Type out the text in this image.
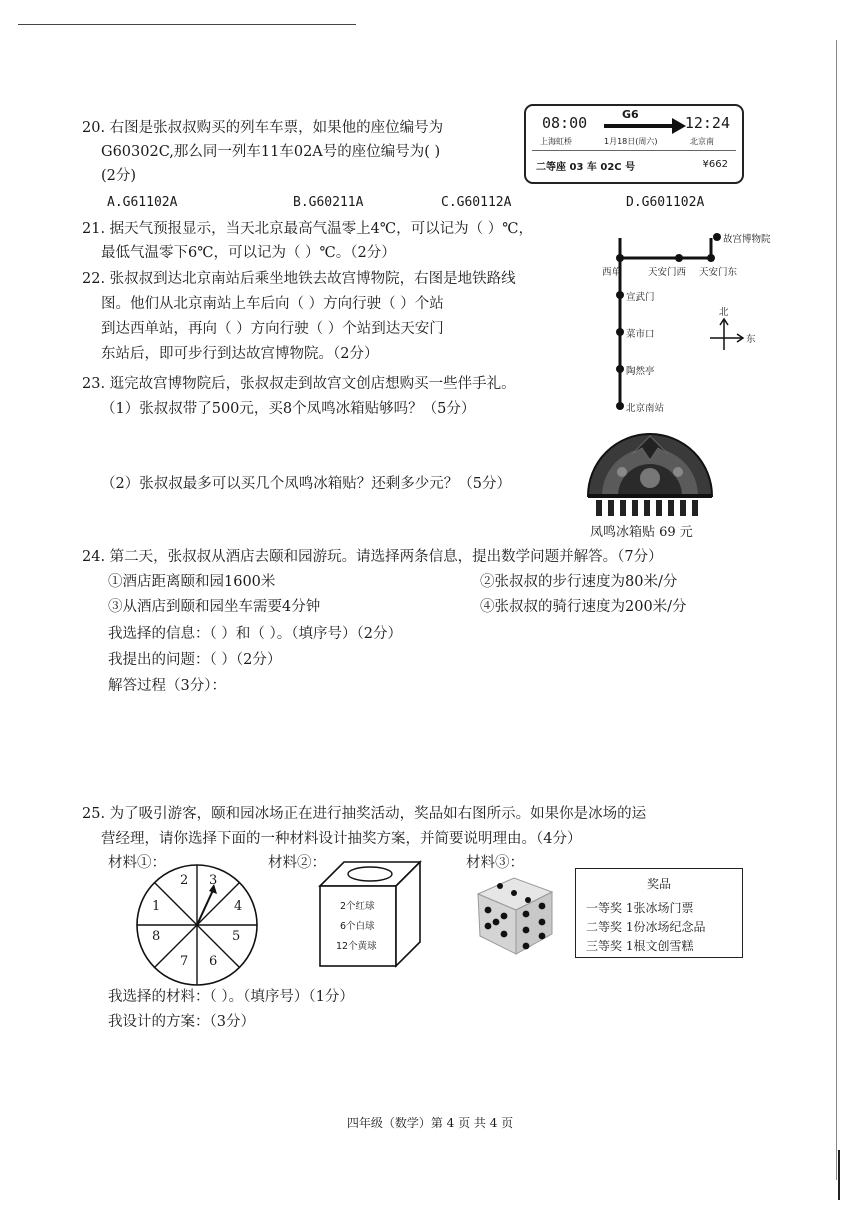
20. 右图是张叔叔购买的列车车票，如果他的座位编号为
G60302C,那么同一列车11车02A号的座位编号为( )
(2分)
A.G61102A	B.G60211A	C.G60112A	D.G601102A
08:00	G6	12:24
上海虹桥	1月18日(周六)	北京南
二等座 03 车 02C 号	¥662
21. 据天气预报显示，当天北京最高气温零上4℃，可以记为（ ）℃，
最低气温零下6℃，可以记为（ ）℃。（2分）
22. 张叔叔到达北京南站后乘坐地铁去故宫博物院，右图是地铁路线
图。他们从北京南站上车后向（ ）方向行驶（ ）个站
到达西单站，再向（ ）方向行驶（ ）个站到达天安门
东站后，即可步行到达故宫博物院。（2分）
故宫博物院
西单	天安门西 天安门东
宣武门
菜市口
陶然亭
北京南站
北
东
23. 逛完故宫博物院后，张叔叔走到故宫文创店想购买一些伴手礼。
（1）张叔叔带了500元，买8个凤鸣冰箱贴够吗？（5分）
（2）张叔叔最多可以买几个凤鸣冰箱贴？还剩多少元？（5分）
凤鸣冰箱贴 69 元
24. 第二天，张叔叔从酒店去颐和园游玩。请选择两条信息，提出数学问题并解答。（7分）
①酒店距离颐和园1600米	②张叔叔的步行速度为80米/分
③从酒店到颐和园坐车需要4分钟	④张叔叔的骑行速度为200米/分
我选择的信息：（ ）和（ ）。（填序号）（2分）
我提出的问题：（ ）（2分）
解答过程（3分）：
25. 为了吸引游客，颐和园冰场正在进行抽奖活动，奖品如右图所示。如果你是冰场的运
营经理，请你选择下面的一种材料设计抽奖方案，并简要说明理由。（4分）
材料①：	材料②：	材料③：
2 3
4
5
6
7
8
1	2个红球
6个白球
12个黄球
奖品
一等奖 1张冰场门票
二等奖 1份冰场纪念品
三等奖 1根文创雪糕
我选择的材料：（ ）。（填序号）（1分）
我设计的方案：（3分）
四年级（数学）第 4 页 共 4 页
